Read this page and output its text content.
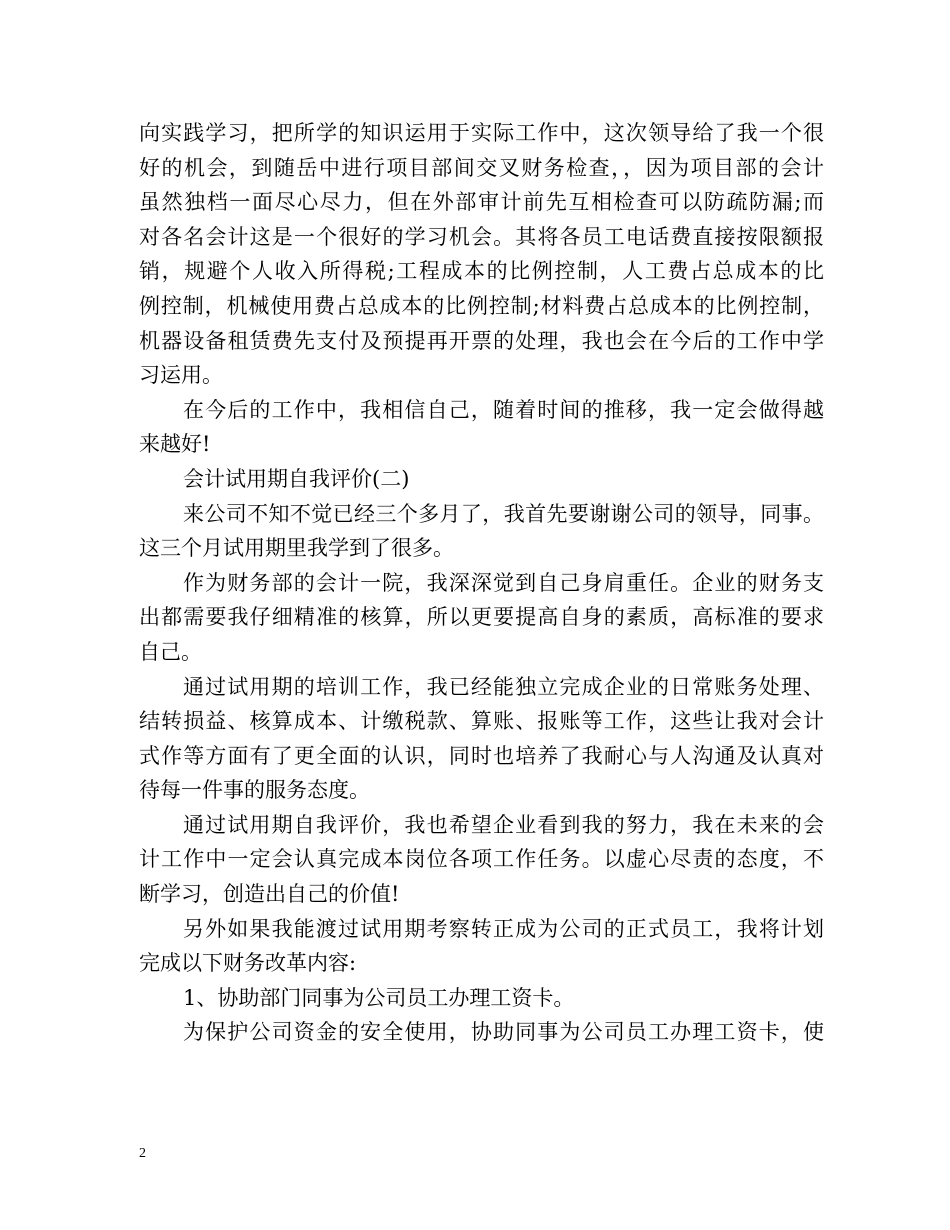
向实践学习，把所学的知识运用于实际工作中，这次领导给了我一个很
好的机会，到随岳中进行项目部间交叉财务检查，，因为项目部的会计
虽然独档一面尽心尽力，但在外部审计前先互相检查可以防疏防漏;而
对各名会计这是一个很好的学习机会。其将各员工电话费直接按限额报
销，规避个人收入所得税;工程成本的比例控制，人工费占总成本的比
例控制，机械使用费占总成本的比例控制;材料费占总成本的比例控制，
机器设备租赁费先支付及预提再开票的处理，我也会在今后的工作中学
习运用。
在今后的工作中，我相信自己，随着时间的推移，我一定会做得越
来越好!
会计试用期自我评价(二)
来公司不知不觉已经三个多月了，我首先要谢谢公司的领导，同事。
这三个月试用期里我学到了很多。
作为财务部的会计一院，我深深觉到自己身肩重任。企业的财务支
出都需要我仔细精准的核算，所以更要提高自身的素质，高标准的要求
自己。
通过试用期的培训工作，我已经能独立完成企业的日常账务处理、
结转损益、核算成本、计缴税款、算账、报账等工作，这些让我对会计
式作等方面有了更全面的认识，同时也培养了我耐心与人沟通及认真对
待每一件事的服务态度。
通过试用期自我评价，我也希望企业看到我的努力，我在未来的会
计工作中一定会认真完成本岗位各项工作任务。以虚心尽责的态度，不
断学习，创造出自己的价值!
另外如果我能渡过试用期考察转正成为公司的正式员工，我将计划
完成以下财务改革内容:
1、协助部门同事为公司员工办理工资卡。
为保护公司资金的安全使用，协助同事为公司员工办理工资卡，使
2
